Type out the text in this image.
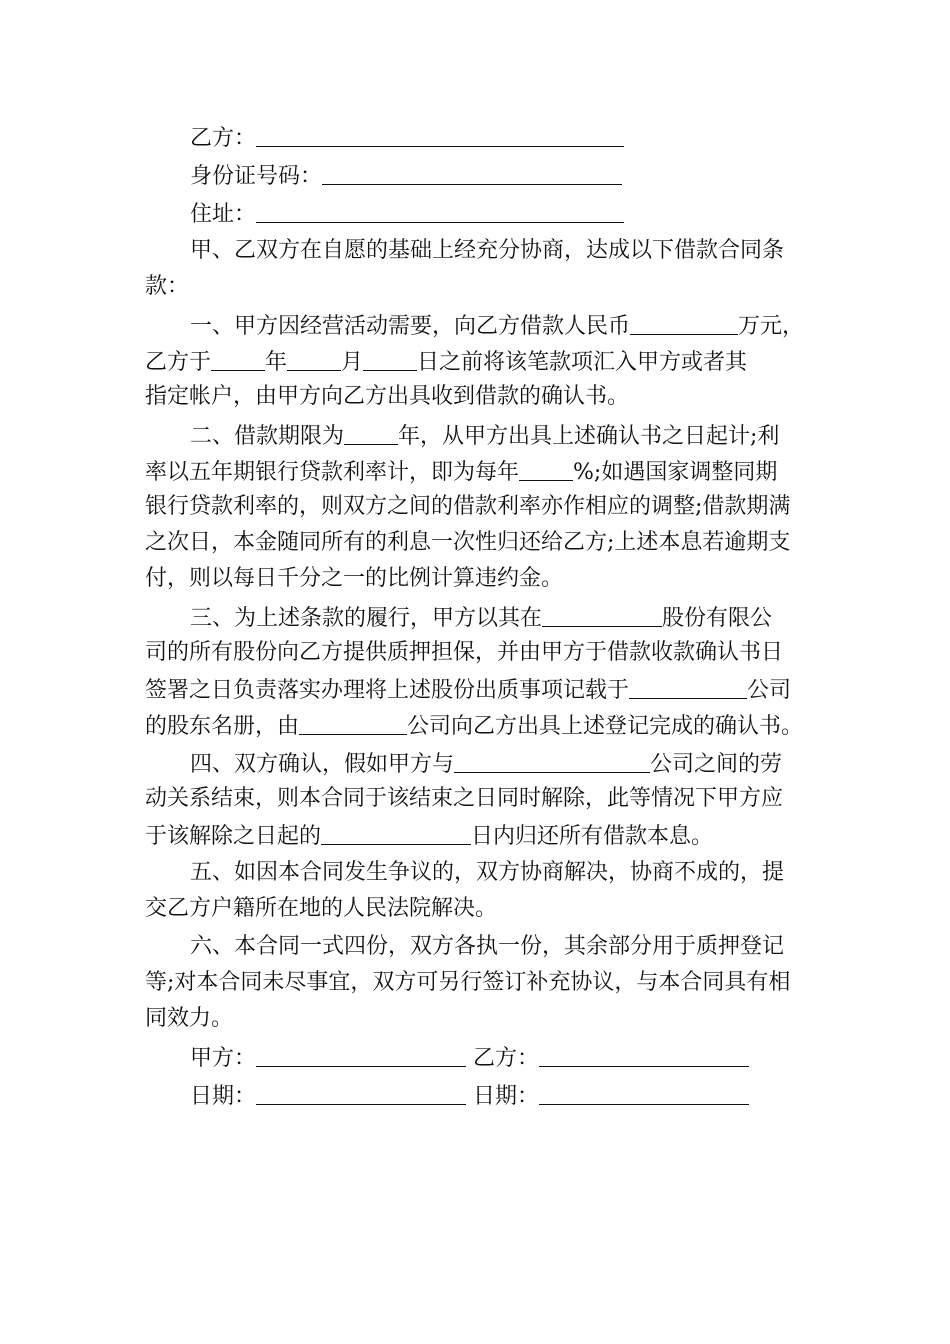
乙方：
身份证号码：
住址：
甲、乙双方在自愿的基础上经充分协商，达成以下借款合同条
款：
一、甲方因经营活动需要，向乙方借款人民币	万元，
乙方于 年 月 日之前将该笔款项汇入甲方或者其
指定帐户，由甲方向乙方出具收到借款的确认书。
二、借款期限为 年，从甲方出具上述确认书之日起计;利
率以五年期银行贷款利率计，即为每年 %;如遇国家调整同期
银行贷款利率的，则双方之间的借款利率亦作相应的调整;借款期满
之次日，本金随同所有的利息一次性归还给乙方;上述本息若逾期支
付，则以每日千分之一的比例计算违约金。
三、为上述条款的履行，甲方以其在	股份有限公
司的所有股份向乙方提供质押担保，并由甲方于借款收款确认书日
签署之日负责落实办理将上述股份出质事项记载于	公司
的股东名册，由	公司向乙方出具上述登记完成的确认书。
四、双方确认，假如甲方与	公司之间的劳
动关系结束，则本合同于该结束之日同时解除，此等情况下甲方应
于该解除之日起的	日内归还所有借款本息。
五、如因本合同发生争议的，双方协商解决，协商不成的，提
交乙方户籍所在地的人民法院解决。
六、本合同一式四份，双方各执一份，其余部分用于质押登记
等;对本合同未尽事宜，双方可另行签订补充协议，与本合同具有相
同效力。
甲方：	乙方：
日期：	日期：
